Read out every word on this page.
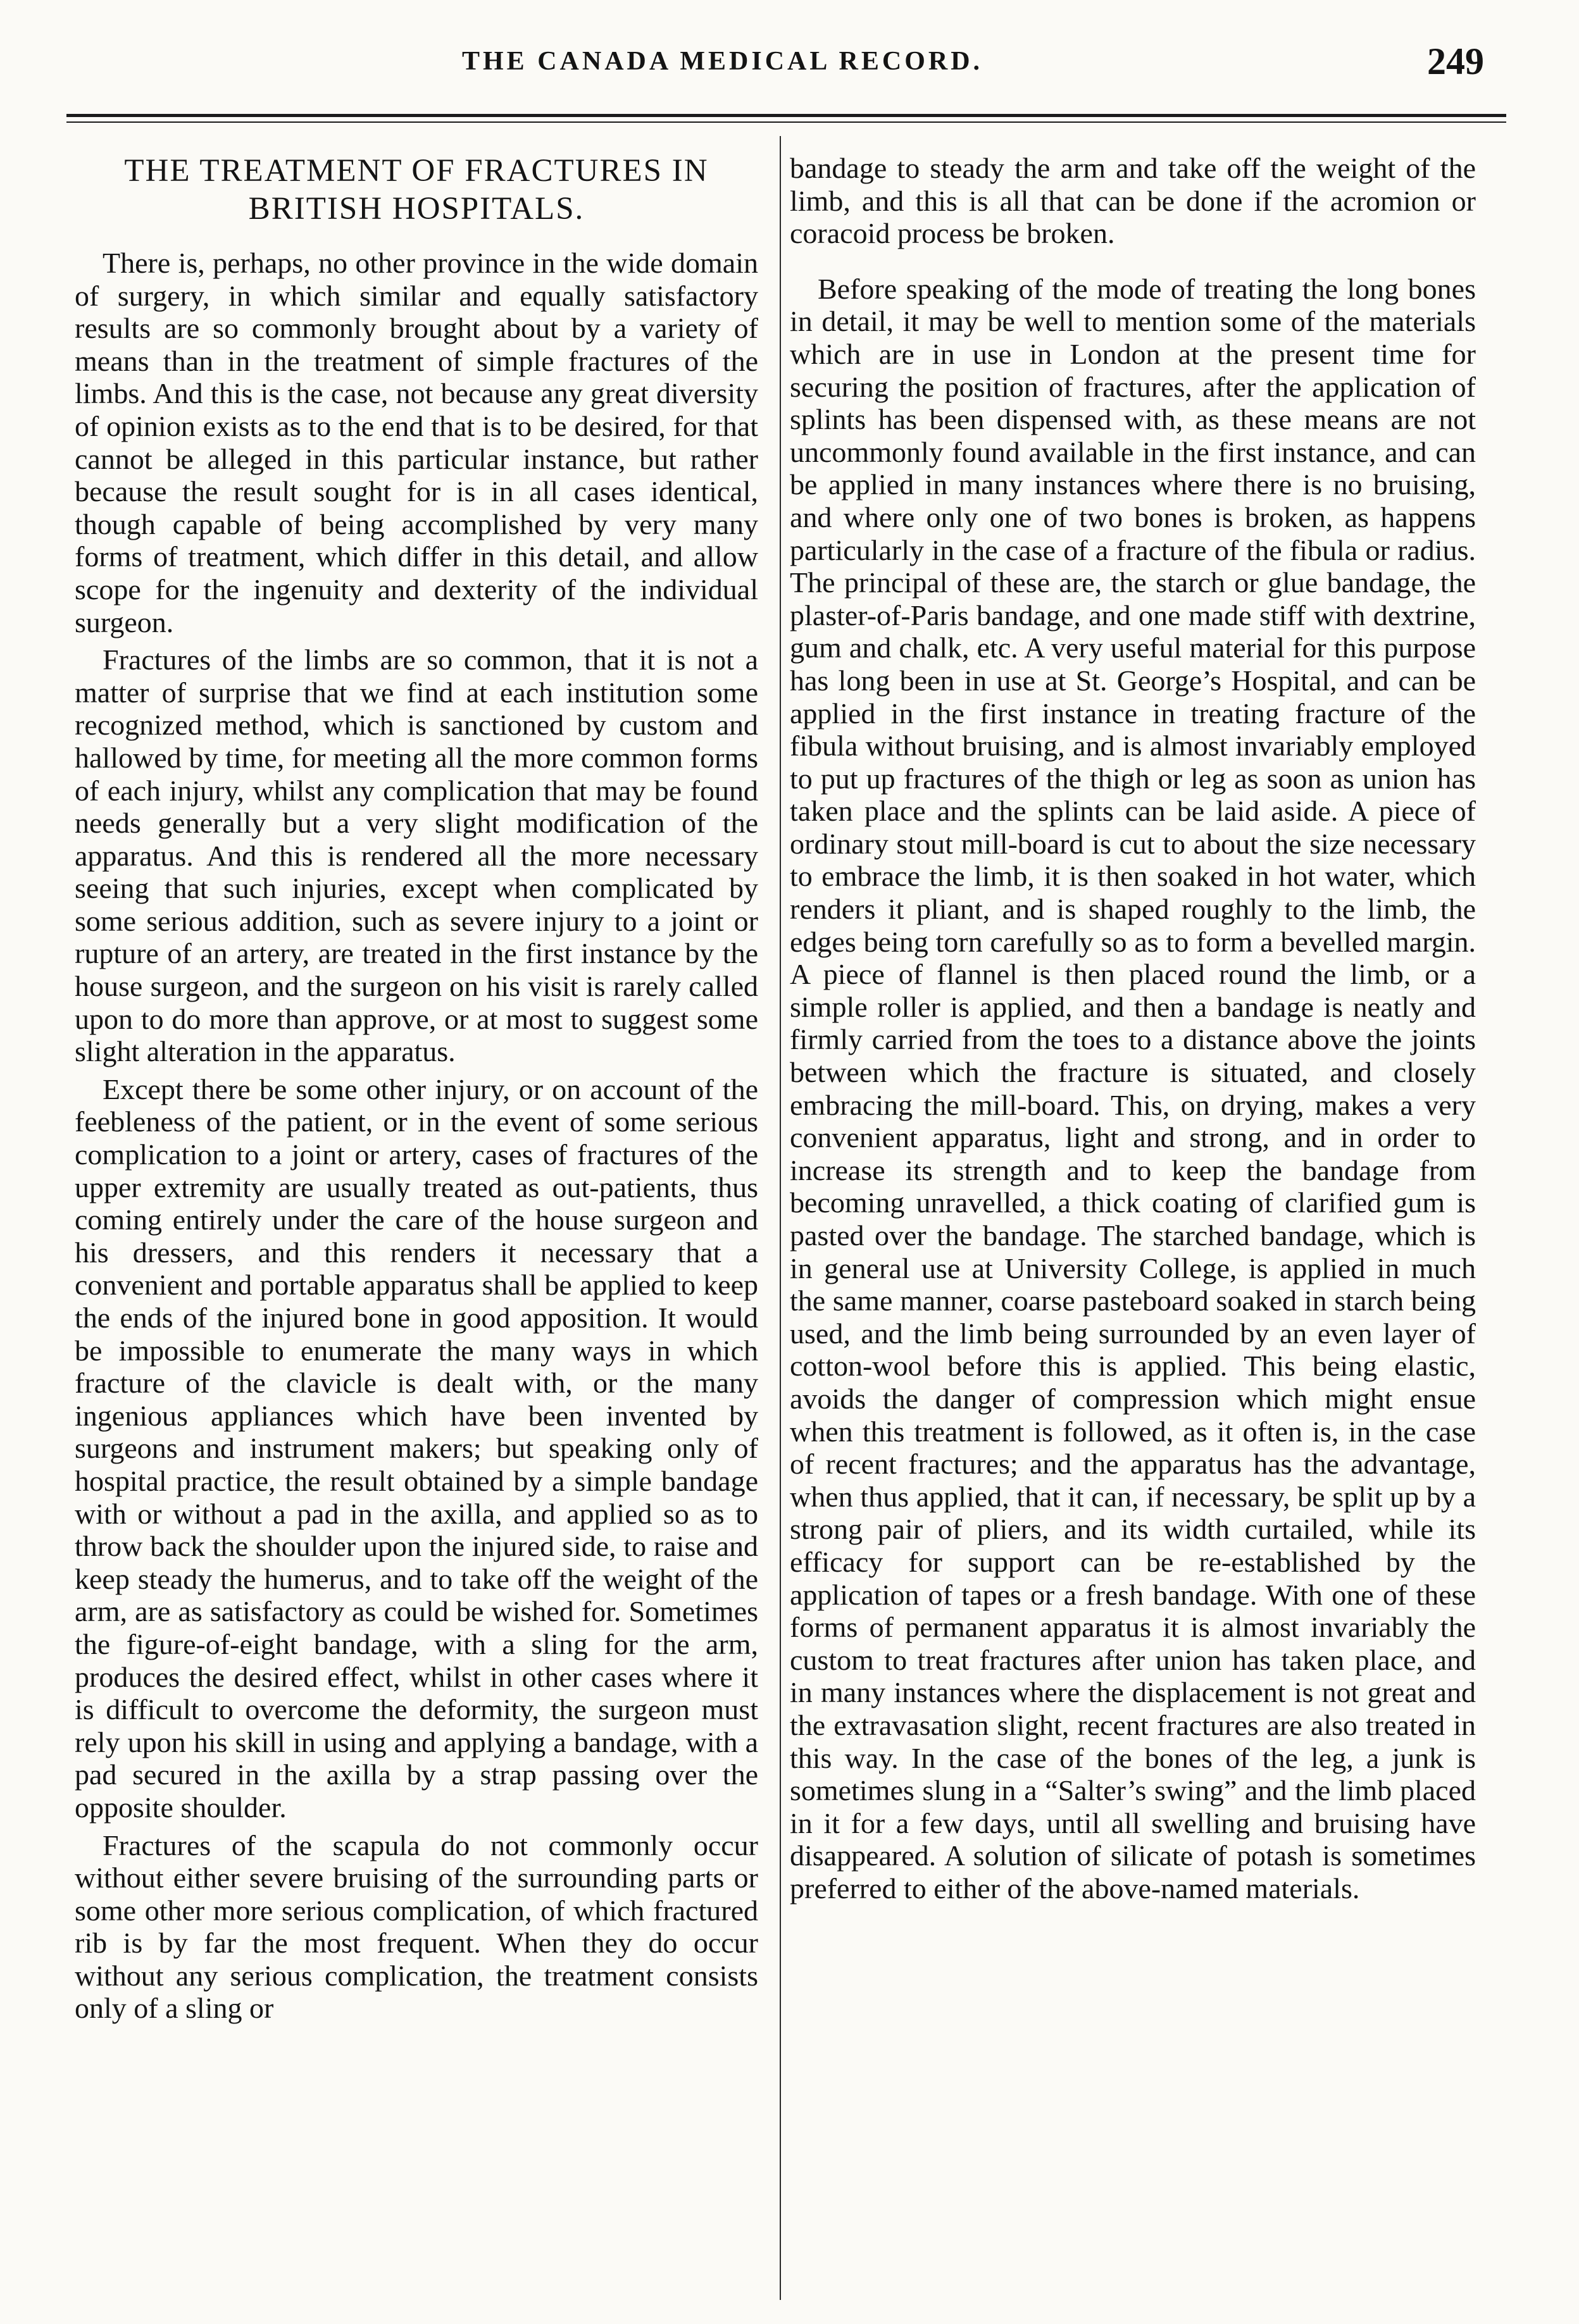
THE CANADA MEDICAL RECORD.	249
THE TREATMENT OF FRACTURES IN BRITISH HOSPITALS.

There is, perhaps, no other province in the wide domain of surgery, in which similar and equally satisfactory results are so commonly brought about by a variety of means than in the treatment of simple fractures of the limbs. And this is the case, not because any great diversity of opinion exists as to the end that is to be desired, for that cannot be alleged in this particular instance, but rather because the result sought for is in all cases identical, though capable of being accomplished by very many forms of treatment, which differ in this detail, and allow scope for the ingenuity and dexterity of the individual surgeon.

Fractures of the limbs are so common, that it is not a matter of surprise that we find at each institution some recognized method, which is sanctioned by custom and hallowed by time, for meeting all the more common forms of each injury, whilst any complication that may be found needs generally but a very slight modification of the apparatus. And this is rendered all the more necessary seeing that such injuries, except when complicated by some serious addition, such as severe injury to a joint or rupture of an artery, are treated in the first instance by the house surgeon, and the surgeon on his visit is rarely called upon to do more than approve, or at most to suggest some slight alteration in the apparatus.

Except there be some other injury, or on account of the feebleness of the patient, or in the event of some serious complication to a joint or artery, cases of fractures of the upper extremity are usually treated as out-patients, thus coming entirely under the care of the house surgeon and his dressers, and this renders it necessary that a convenient and portable apparatus shall be applied to keep the ends of the injured bone in good apposition. It would be impossible to enumerate the many ways in which fracture of the clavicle is dealt with, or the many ingenious appliances which have been invented by surgeons and instrument makers; but speaking only of hospital practice, the result obtained by a simple bandage with or without a pad in the axilla, and applied so as to throw back the shoulder upon the injured side, to raise and keep steady the humerus, and to take off the weight of the arm, are as satisfactory as could be wished for. Sometimes the figure-of-eight bandage, with a sling for the arm, produces the desired effect, whilst in other cases where it is difficult to overcome the deformity, the surgeon must rely upon his skill in using and applying a bandage, with a pad secured in the axilla by a strap passing over the opposite shoulder.

Fractures of the scapula do not commonly occur without either severe bruising of the surrounding parts or some other more serious complication, of which fractured rib is by far the most frequent. When they do occur without any serious complication, the treatment consists only of a sling or

bandage to steady the arm and take off the weight of the limb, and this is all that can be done if the acromion or coracoid process be broken.

Before speaking of the mode of treating the long bones in detail, it may be well to mention some of the materials which are in use in London at the present time for securing the position of fractures, after the application of splints has been dispensed with, as these means are not uncommonly found available in the first instance, and can be applied in many instances where there is no bruising, and where only one of two bones is broken, as happens particularly in the case of a fracture of the fibula or radius. The principal of these are, the starch or glue bandage, the plaster-of-Paris bandage, and one made stiff with dextrine, gum and chalk, etc. A very useful material for this purpose has long been in use at St. George’s Hospital, and can be applied in the first instance in treating fracture of the fibula without bruising, and is almost invariably employed to put up fractures of the thigh or leg as soon as union has taken place and the splints can be laid aside. A piece of ordinary stout mill-board is cut to about the size necessary to embrace the limb, it is then soaked in hot water, which renders it pliant, and is shaped roughly to the limb, the edges being torn carefully so as to form a bevelled margin. A piece of flannel is then placed round the limb, or a simple roller is applied, and then a bandage is neatly and firmly carried from the toes to a distance above the joints between which the fracture is situated, and closely embracing the mill-board. This, on drying, makes a very convenient apparatus, light and strong, and in order to increase its strength and to keep the bandage from becoming unravelled, a thick coating of clarified gum is pasted over the bandage. The starched bandage, which is in general use at University College, is applied in much the same manner, coarse pasteboard soaked in starch being used, and the limb being surrounded by an even layer of cotton-wool before this is applied. This being elastic, avoids the danger of compression which might ensue when this treatment is followed, as it often is, in the case of recent fractures; and the apparatus has the advantage, when thus applied, that it can, if necessary, be split up by a strong pair of pliers, and its width curtailed, while its efficacy for support can be re-established by the application of tapes or a fresh bandage. With one of these forms of permanent apparatus it is almost invariably the custom to treat fractures after union has taken place, and in many instances where the displacement is not great and the extravasation slight, recent fractures are also treated in this way. In the case of the bones of the leg, a junk is sometimes slung in a “Salter’s swing” and the limb placed in it for a few days, until all swelling and bruising have disappeared. A solution of silicate of potash is sometimes preferred to either of the above-named materials.
